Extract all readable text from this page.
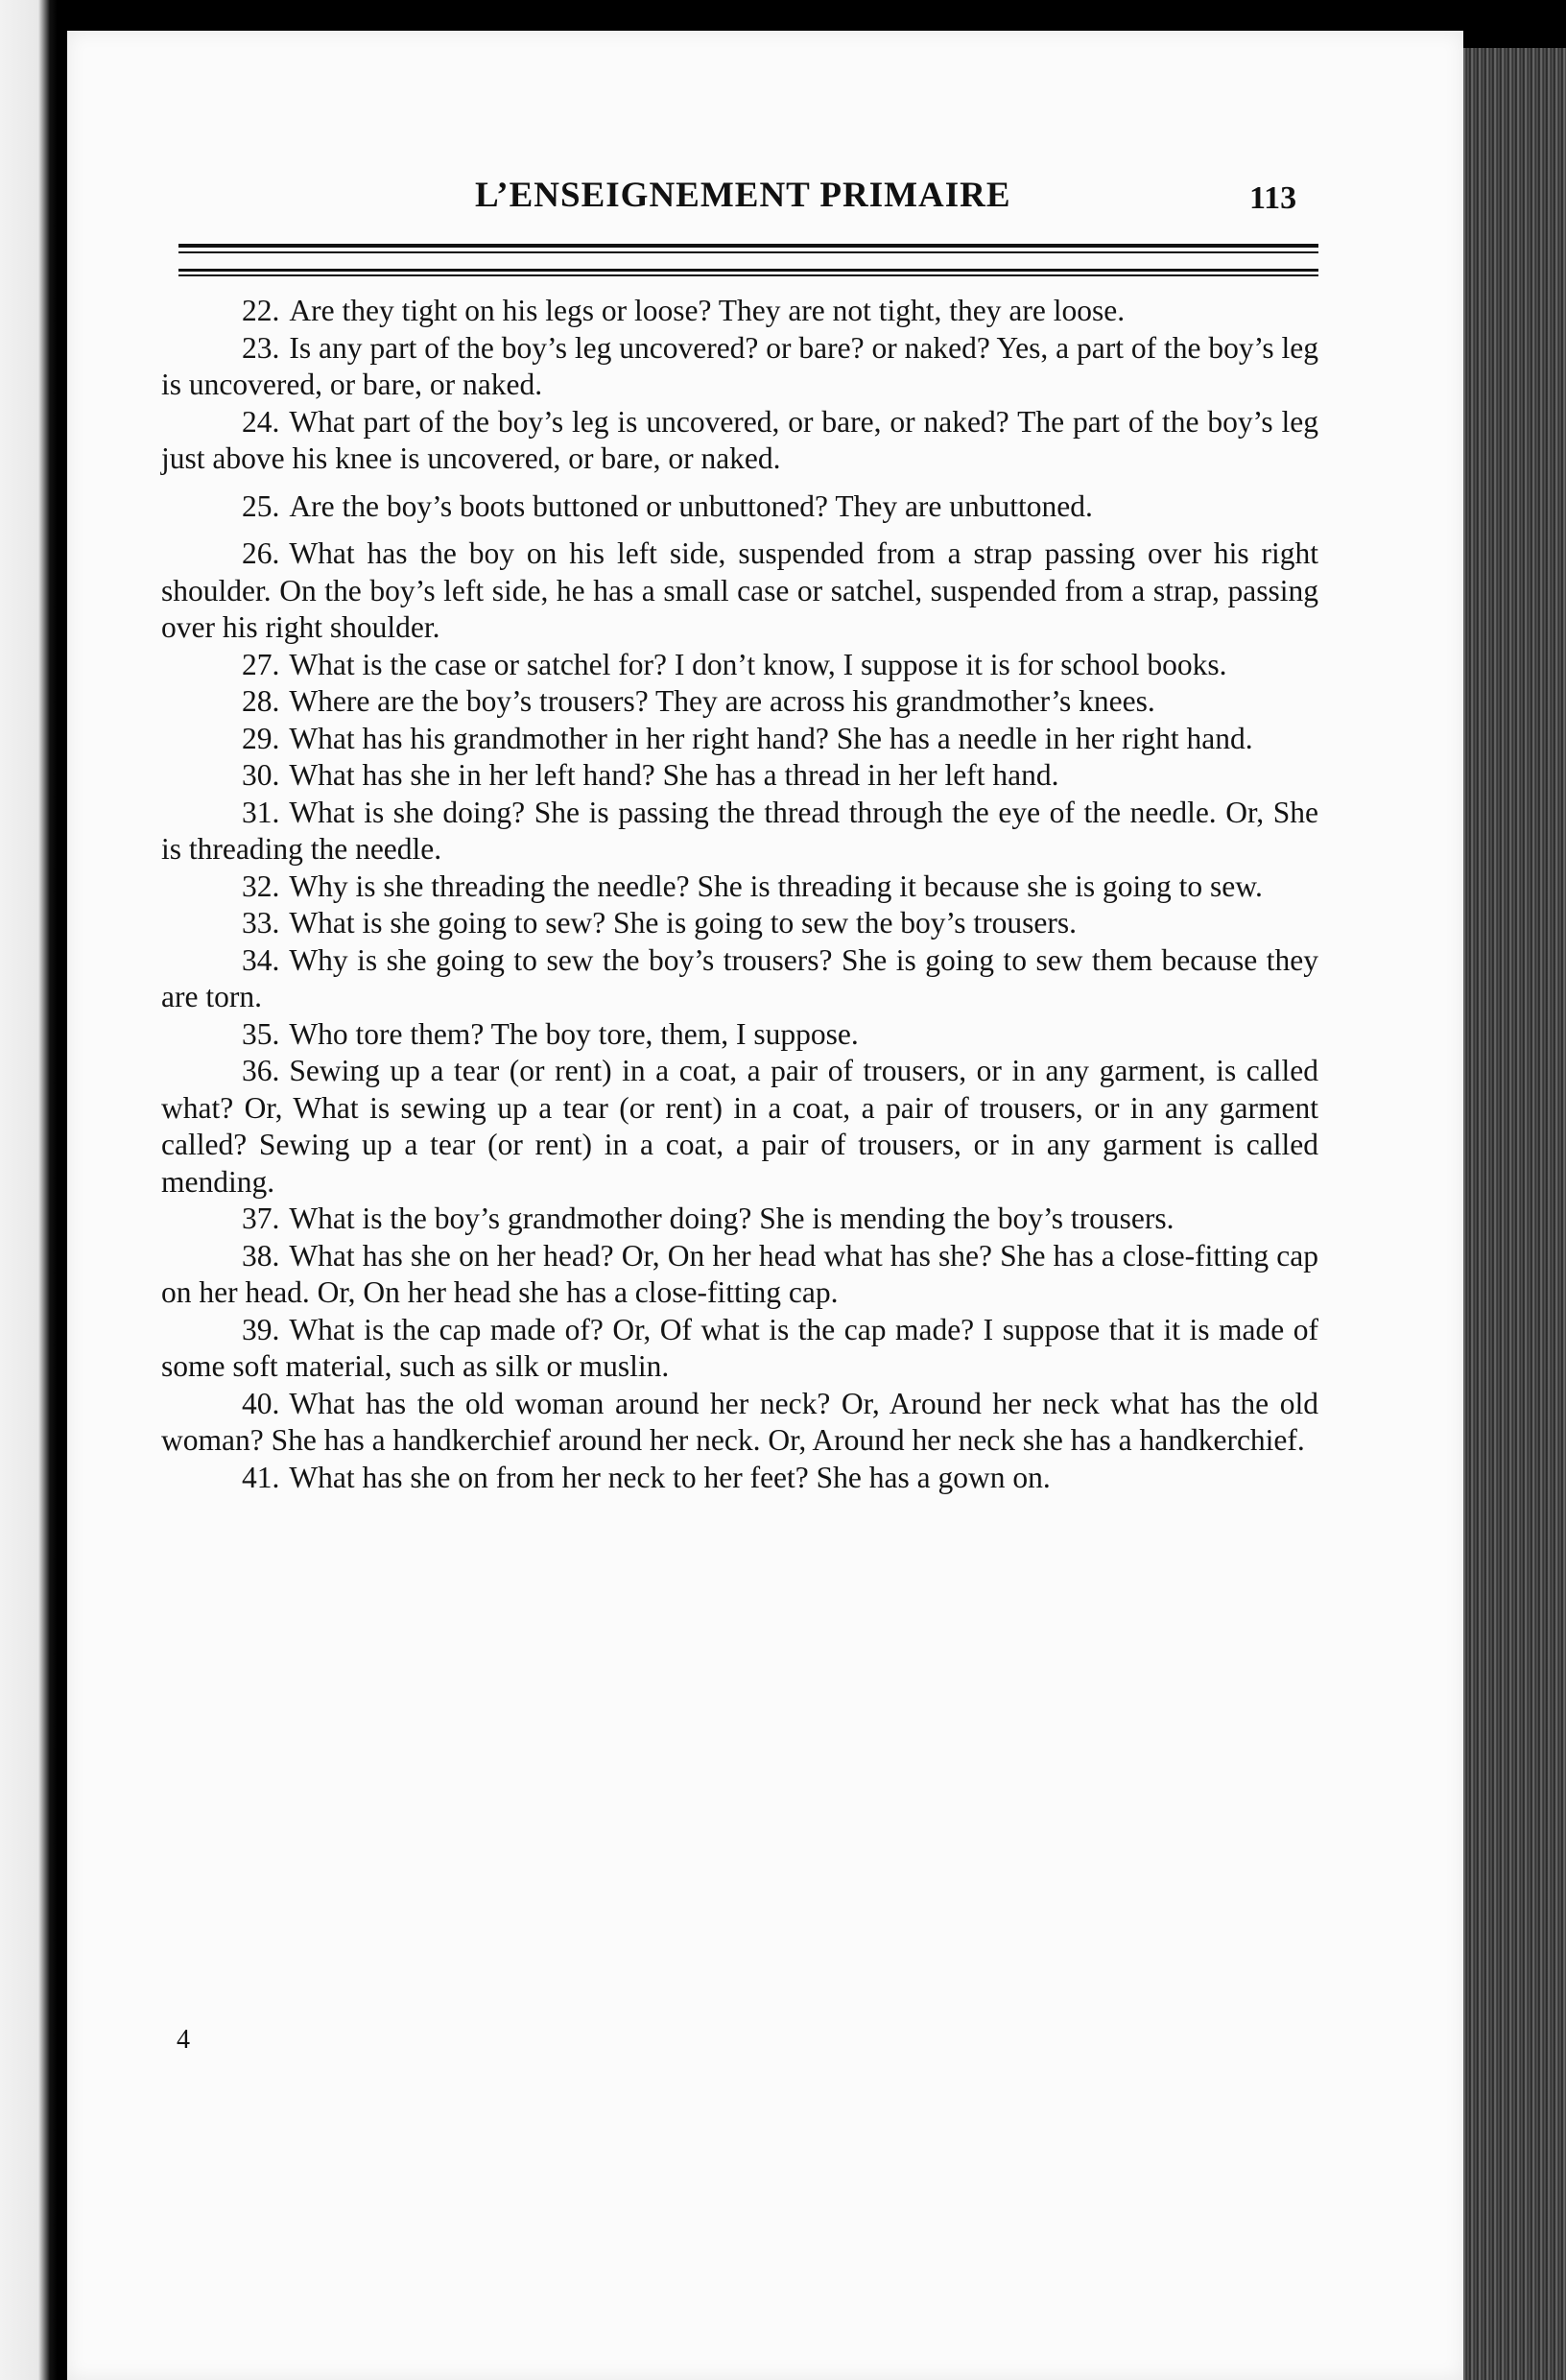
L’ENSEIGNEMENT PRIMAIRE	113

22. Are they tight on his legs or loose? They are not tight, they are loose.

23. Is any part of the boy’s leg uncovered? or bare? or naked? Yes, a part of the boy’s leg is uncovered, or bare, or naked.

24. What part of the boy’s leg is uncovered, or bare, or naked? The part of the boy’s leg just above his knee is uncovered, or bare, or naked.

25. Are the boy’s boots buttoned or unbuttoned? They are unbuttoned.

26. What has the boy on his left side, suspended from a strap passing over his right shoulder. On the boy’s left side, he has a small case or satchel, suspended from a strap, passing over his right shoulder.

27. What is the case or satchel for? I don’t know, I suppose it is for school books.

28. Where are the boy’s trousers? They are across his grandmother’s knees.

29. What has his grandmother in her right hand? She has a needle in her right hand.

30. What has she in her left hand? She has a thread in her left hand.

31. What is she doing? She is passing the thread through the eye of the needle. Or, She is threading the needle.

32. Why is she threading the needle? She is threading it because she is going to sew.

33. What is she going to sew? She is going to sew the boy’s trousers.

34. Why is she going to sew the boy’s trousers? She is going to sew them because they are torn.

35. Who tore them? The boy tore, them, I suppose.

36. Sewing up a tear (or rent) in a coat, a pair of trousers, or in any garment, is called what? Or, What is sewing up a tear (or rent) in a coat, a pair of trousers, or in any garment called? Sewing up a tear (or rent) in a coat, a pair of trousers, or in any garment is called mending.

37. What is the boy’s grandmother doing? She is mending the boy’s trousers.

38. What has she on her head? Or, On her head what has she? She has a close-fitting cap on her head. Or, On her head she has a close-fitting cap.

39. What is the cap made of? Or, Of what is the cap made? I suppose that it is made of some soft material, such as silk or muslin.

40. What has the old woman around her neck? Or, Around her neck what has the old woman? She has a handkerchief around her neck. Or, Around her neck she has a handkerchief.

41. What has she on from her neck to her feet? She has a gown on.

4
